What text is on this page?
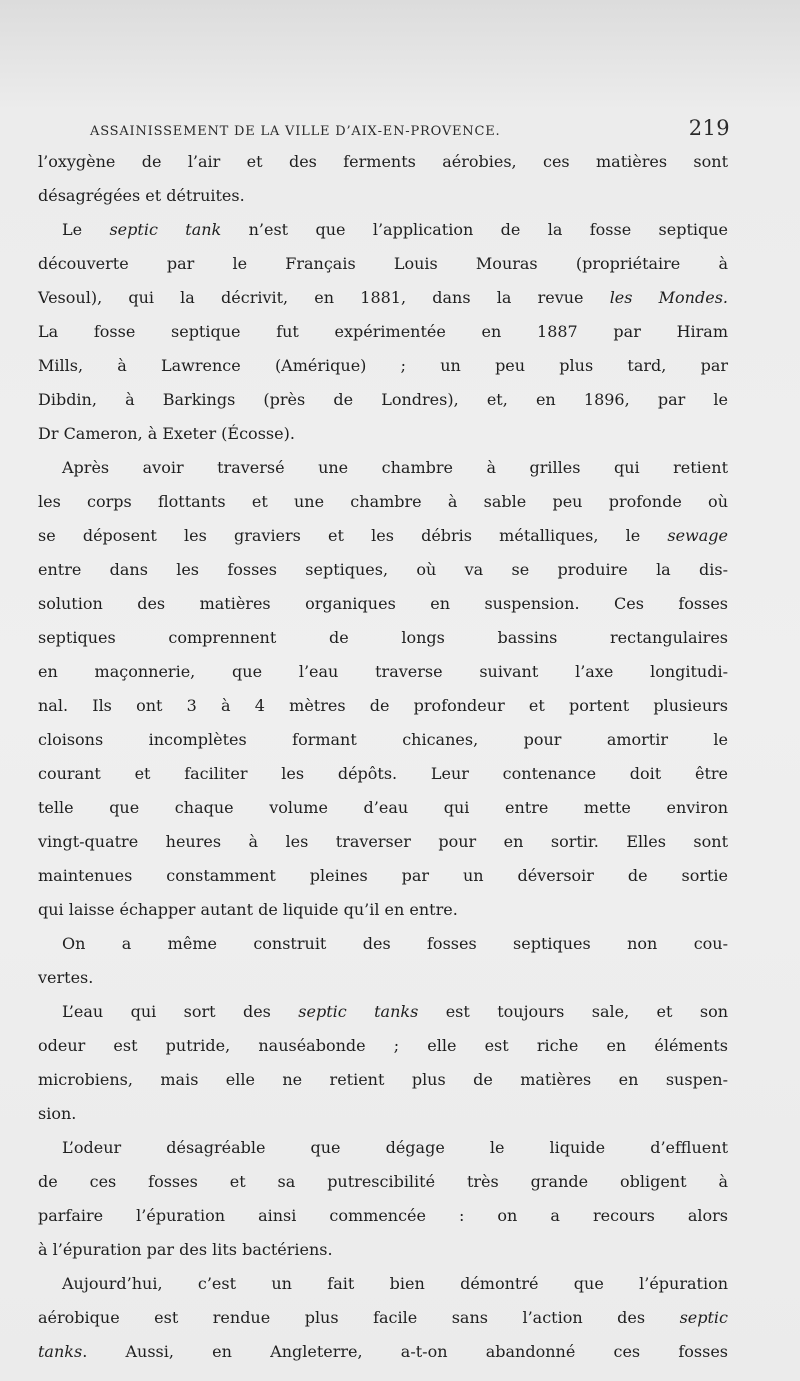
assainissement de la ville d’aix-en-provence.	219
l’oxygène de l’air et des ferments aérobies, ces matières sont
désagrégées et détruites.
Le septic tank n’est que l’application de la fosse septique
découverte par le Français Louis Mouras (propriétaire à
Vesoul), qui la décrivit, en 1881, dans la revue les Mondes.
La fosse septique fut expérimentée en 1887 par Hiram
Mills, à Lawrence (Amérique) ; un peu plus tard, par
Dibdin, à Barkings (près de Londres), et, en 1896, par le
Dr Cameron, à Exeter (Écosse).
Après avoir traversé une chambre à grilles qui retient
les corps flottants et une chambre à sable peu profonde où
se déposent les graviers et les débris métalliques, le sewage
entre dans les fosses septiques, où va se produire la dis-
solution des matières organiques en suspension. Ces fosses
septiques comprennent de longs bassins rectangulaires
en maçonnerie, que l’eau traverse suivant l’axe longitudi-
nal. Ils ont 3 à 4 mètres de profondeur et portent plusieurs
cloisons incomplètes formant chicanes, pour amortir le
courant et faciliter les dépôts. Leur contenance doit être
telle que chaque volume d’eau qui entre mette environ
vingt-quatre heures à les traverser pour en sortir. Elles sont
maintenues constamment pleines par un déversoir de sortie
qui laisse échapper autant de liquide qu’il en entre.
On a même construit des fosses septiques non cou-
vertes.
L’eau qui sort des septic tanks est toujours sale, et son
odeur est putride, nauséabonde ; elle est riche en éléments
microbiens, mais elle ne retient plus de matières en suspen-
sion.
L’odeur désagréable que dégage le liquide d’effluent
de ces fosses et sa putrescibilité très grande obligent à
parfaire l’épuration ainsi commencée : on a recours alors
à l’épuration par des lits bactériens.
Aujourd’hui, c’est un fait bien démontré que l’épuration
aérobique est rendue plus facile sans l’action des septic
tanks. Aussi, en Angleterre, a-t-on abandonné ces fosses
